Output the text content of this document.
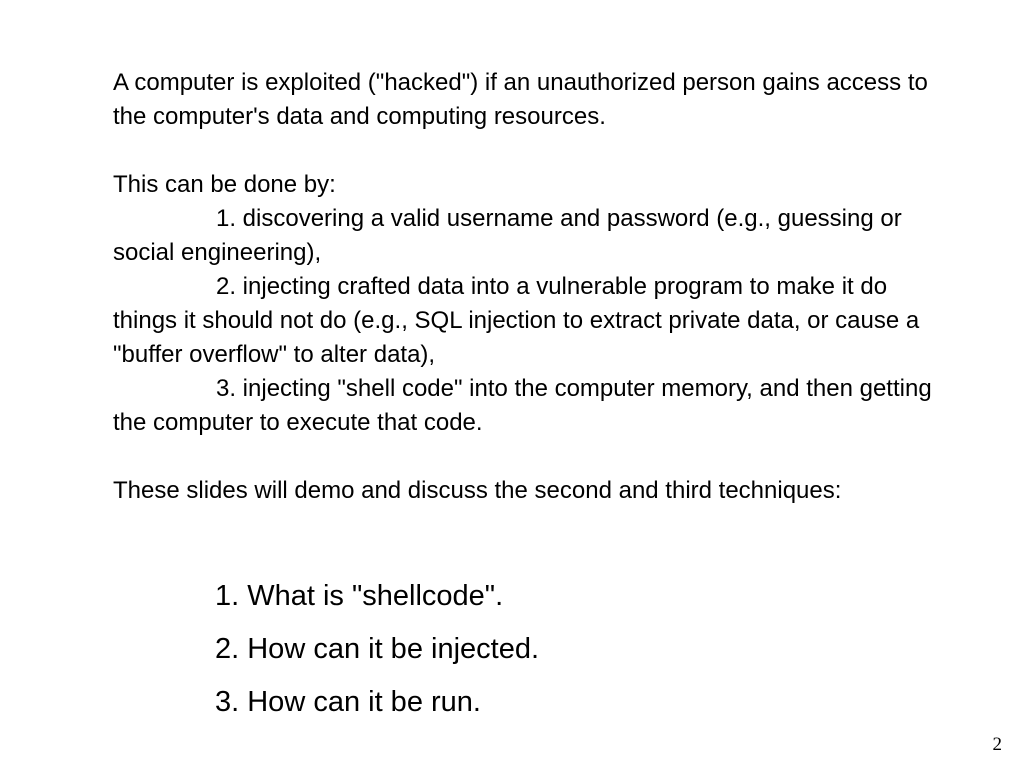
A computer is exploited ("hacked") if an unauthorized person gains access to the computer's data and computing resources.

This can be done by:

1. discovering a valid username and password (e.g., guessing or social engineering),

2. injecting crafted data into a vulnerable program to make it do things it should not do (e.g., SQL injection to extract private data, or cause a "buffer overflow" to alter data),

3. injecting "shell code" into the computer memory, and then getting the computer to execute that code.

These slides will demo and discuss the second and third techniques:

1. What is "shellcode".

2. How can it be injected.

3. How can it be run.

2
